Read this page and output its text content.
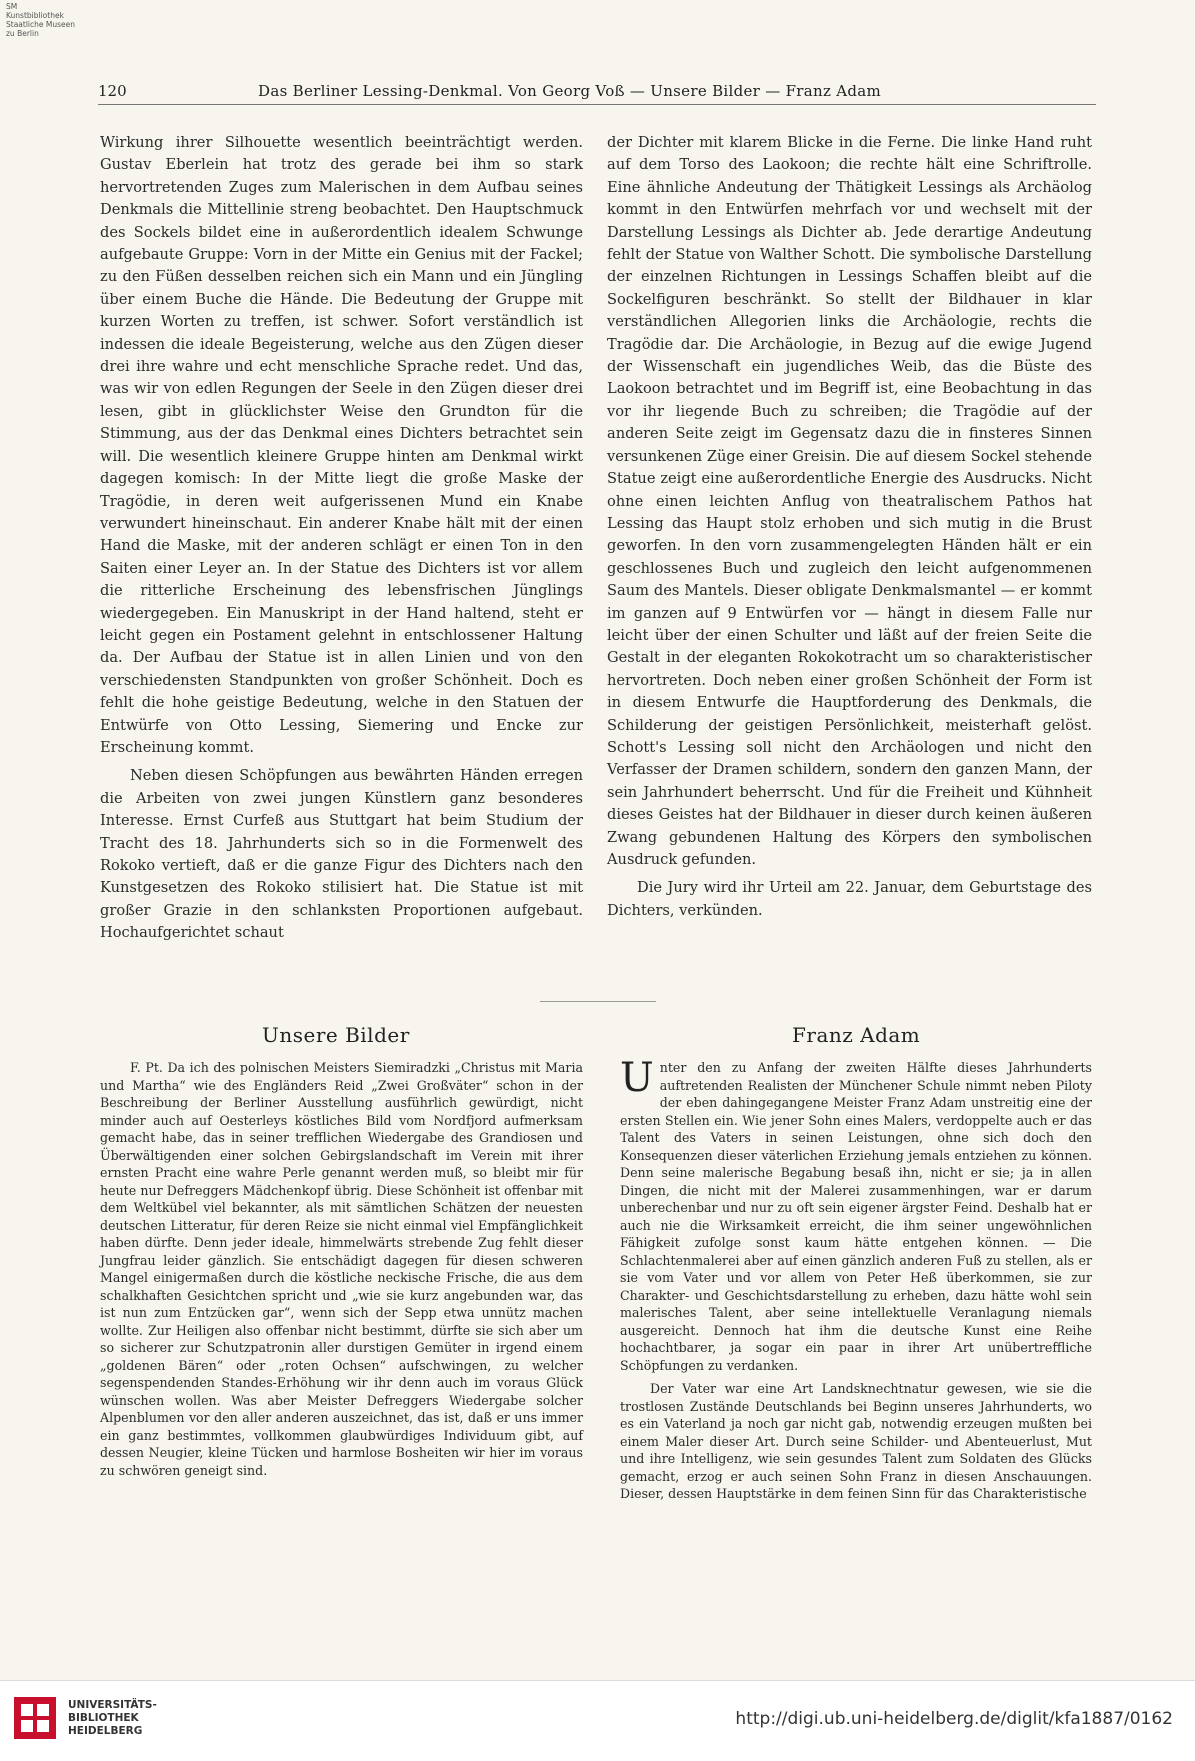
SM
Kunstbibliothek
Staatliche Museen
zu Berlin
120	Das Berliner Lessing-Denkmal. Von Georg Voß — Unsere Bilder — Franz Adam

Wirkung ihrer Silhouette wesentlich beeinträchtigt werden. Gustav Eberlein hat trotz des gerade bei ihm so stark hervortretenden Zuges zum Malerischen in dem Aufbau seines Denkmals die Mittellinie streng beobachtet. Den Hauptschmuck des Sockels bildet eine in außerordentlich idealem Schwunge aufgebaute Gruppe: Vorn in der Mitte ein Genius mit der Fackel; zu den Füßen desselben reichen sich ein Mann und ein Jüngling über einem Buche die Hände. Die Bedeutung der Gruppe mit kurzen Worten zu treffen, ist schwer. Sofort verständlich ist indessen die ideale Begeisterung, welche aus den Zügen dieser drei ihre wahre und echt menschliche Sprache redet. Und das, was wir von edlen Regungen der Seele in den Zügen dieser drei lesen, gibt in glücklichster Weise den Grundton für die Stimmung, aus der das Denkmal eines Dichters betrachtet sein will. Die wesentlich kleinere Gruppe hinten am Denkmal wirkt dagegen komisch: In der Mitte liegt die große Maske der Tragödie, in deren weit aufgerissenen Mund ein Knabe verwundert hineinschaut. Ein anderer Knabe hält mit der einen Hand die Maske, mit der anderen schlägt er einen Ton in den Saiten einer Leyer an. In der Statue des Dichters ist vor allem die ritterliche Erscheinung des lebensfrischen Jünglings wiedergegeben. Ein Manuskript in der Hand haltend, steht er leicht gegen ein Postament gelehnt in entschlossener Haltung da. Der Aufbau der Statue ist in allen Linien und von den verschiedensten Standpunkten von großer Schönheit. Doch es fehlt die hohe geistige Bedeutung, welche in den Statuen der Entwürfe von Otto Lessing, Siemering und Encke zur Erscheinung kommt.

Neben diesen Schöpfungen aus bewährten Händen erregen die Arbeiten von zwei jungen Künstlern ganz besonderes Interesse. Ernst Curfeß aus Stuttgart hat beim Studium der Tracht des 18. Jahrhunderts sich so in die Formenwelt des Rokoko vertieft, daß er die ganze Figur des Dichters nach den Kunstgesetzen des Rokoko stilisiert hat. Die Statue ist mit großer Grazie in den schlanksten Proportionen aufgebaut. Hochaufgerichtet schaut

der Dichter mit klarem Blicke in die Ferne. Die linke Hand ruht auf dem Torso des Laokoon; die rechte hält eine Schriftrolle. Eine ähnliche Andeutung der Thätigkeit Lessings als Archäolog kommt in den Entwürfen mehrfach vor und wechselt mit der Darstellung Lessings als Dichter ab. Jede derartige Andeutung fehlt der Statue von Walther Schott. Die symbolische Darstellung der einzelnen Richtungen in Lessings Schaffen bleibt auf die Sockelfiguren beschränkt. So stellt der Bildhauer in klar verständlichen Allegorien links die Archäologie, rechts die Tragödie dar. Die Archäologie, in Bezug auf die ewige Jugend der Wissenschaft ein jugendliches Weib, das die Büste des Laokoon betrachtet und im Begriff ist, eine Beobachtung in das vor ihr liegende Buch zu schreiben; die Tragödie auf der anderen Seite zeigt im Gegensatz dazu die in finsteres Sinnen versunkenen Züge einer Greisin. Die auf diesem Sockel stehende Statue zeigt eine außerordentliche Energie des Ausdrucks. Nicht ohne einen leichten Anflug von theatralischem Pathos hat Lessing das Haupt stolz erhoben und sich mutig in die Brust geworfen. In den vorn zusammengelegten Händen hält er ein geschlossenes Buch und zugleich den leicht aufgenommenen Saum des Mantels. Dieser obligate Denkmalsmantel — er kommt im ganzen auf 9 Entwürfen vor — hängt in diesem Falle nur leicht über der einen Schulter und läßt auf der freien Seite die Gestalt in der eleganten Rokokotracht um so charakteristischer hervortreten. Doch neben einer großen Schönheit der Form ist in diesem Entwurfe die Hauptforderung des Denkmals, die Schilderung der geistigen Persönlichkeit, meisterhaft gelöst. Schott's Lessing soll nicht den Archäologen und nicht den Verfasser der Dramen schildern, sondern den ganzen Mann, der sein Jahrhundert beherrscht. Und für die Freiheit und Kühnheit dieses Geistes hat der Bildhauer in dieser durch keinen äußeren Zwang gebundenen Haltung des Körpers den symbolischen Ausdruck gefunden.

Die Jury wird ihr Urteil am 22. Januar, dem Geburtstage des Dichters, verkünden.

Unsere Bilder	Franz Adam

F. Pt. Da ich des polnischen Meisters Siemiradzki „Christus mit Maria und Martha“ wie des Engländers Reid „Zwei Großväter“ schon in der Beschreibung der Berliner Ausstellung ausführlich gewürdigt, nicht minder auch auf Oesterleys köstliches Bild vom Nordfjord aufmerksam gemacht habe, das in seiner trefflichen Wiedergabe des Grandiosen und Überwältigenden einer solchen Gebirgslandschaft im Verein mit ihrer ernsten Pracht eine wahre Perle genannt werden muß, so bleibt mir für heute nur Defreggers Mädchenkopf übrig. Diese Schönheit ist offenbar mit dem Weltkübel viel bekannter, als mit sämtlichen Schätzen der neuesten deutschen Litteratur, für deren Reize sie nicht einmal viel Empfänglichkeit haben dürfte. Denn jeder ideale, himmelwärts strebende Zug fehlt dieser Jungfrau leider gänzlich. Sie entschädigt dagegen für diesen schweren Mangel einigermaßen durch die köstliche neckische Frische, die aus dem schalkhaften Gesichtchen spricht und „wie sie kurz angebunden war, das ist nun zum Entzücken gar“, wenn sich der Sepp etwa unnütz machen wollte. Zur Heiligen also offenbar nicht bestimmt, dürfte sie sich aber um so sicherer zur Schutzpatronin aller durstigen Gemüter in irgend einem „goldenen Bären“ oder „roten Ochsen“ aufschwingen, zu welcher segenspendenden Standes-Erhöhung wir ihr denn auch im voraus Glück wünschen wollen. Was aber Meister Defreggers Wiedergabe solcher Alpenblumen vor den aller anderen auszeichnet, das ist, daß er uns immer ein ganz bestimmtes, vollkommen glaubwürdiges Individuum gibt, auf dessen Neugier, kleine Tücken und harmlose Bosheiten wir hier im voraus zu schwören geneigt sind.

Unter den zu Anfang der zweiten Hälfte dieses Jahrhunderts auftretenden Realisten der Münchener Schule nimmt neben Piloty der eben dahingegangene Meister Franz Adam unstreitig eine der ersten Stellen ein. Wie jener Sohn eines Malers, verdoppelte auch er das Talent des Vaters in seinen Leistungen, ohne sich doch den Konsequenzen dieser väterlichen Erziehung jemals entziehen zu können. Denn seine malerische Begabung besaß ihn, nicht er sie; ja in allen Dingen, die nicht mit der Malerei zusammenhingen, war er darum unberechenbar und nur zu oft sein eigener ärgster Feind. Deshalb hat er auch nie die Wirksamkeit erreicht, die ihm seiner ungewöhnlichen Fähigkeit zufolge sonst kaum hätte entgehen können. — Die Schlachtenmalerei aber auf einen gänzlich anderen Fuß zu stellen, als er sie vom Vater und vor allem von Peter Heß überkommen, sie zur Charakter- und Geschichtsdarstellung zu erheben, dazu hätte wohl sein malerisches Talent, aber seine intellektuelle Veranlagung niemals ausgereicht. Dennoch hat ihm die deutsche Kunst eine Reihe hochachtbarer, ja sogar ein paar in ihrer Art unübertreffliche Schöpfungen zu verdanken.

Der Vater war eine Art Landsknechtnatur gewesen, wie sie die trostlosen Zustände Deutschlands bei Beginn unseres Jahrhunderts, wo es ein Vaterland ja noch gar nicht gab, notwendig erzeugen mußten bei einem Maler dieser Art. Durch seine Schilder- und Abenteuerlust, Mut und ihre Intelligenz, wie sein gesundes Talent zum Soldaten des Glücks gemacht, erzog er auch seinen Sohn Franz in diesen Anschauungen. Dieser, dessen Hauptstärke in dem feinen Sinn für das Charakteristische

UNIVERSITÄTS-
BIBLIOTHEK
HEIDELBERG
http://digi.ub.uni-heidelberg.de/diglit/kfa1887/0162
